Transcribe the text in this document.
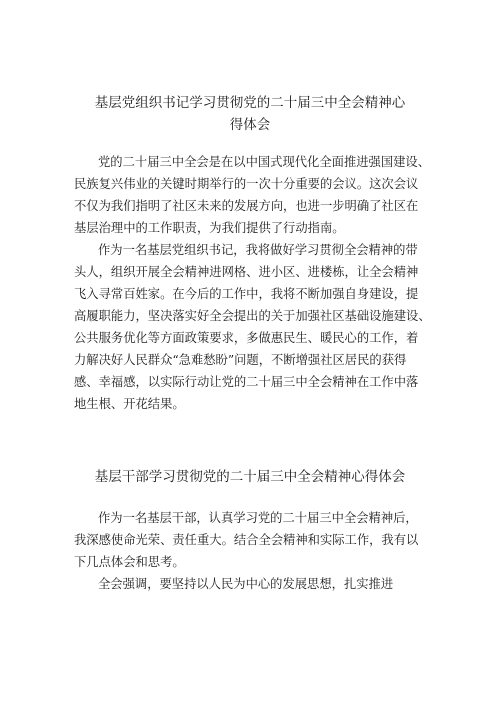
基层党组织书记学习贯彻党的二十届三中全会精神心
得体会
党的二十届三中全会是在以中国式现代化全面推进强国建设、
民族复兴伟业的关键时期举行的一次十分重要的会议。这次会议
不仅为我们指明了社区未来的发展方向，也进一步明确了社区在
基层治理中的工作职责，为我们提供了行动指南。
作为一名基层党组织书记，我将做好学习贯彻全会精神的带
头人，组织开展全会精神进网格、进小区、进楼栋，让全会精神
飞入寻常百姓家。在今后的工作中，我将不断加强自身建设，提
高履职能力，坚决落实好全会提出的关于加强社区基础设施建设、
公共服务优化等方面政策要求，多做惠民生、暖民心的工作，着
力解决好人民群众“急难愁盼”问题，不断增强社区居民的获得
感、幸福感，以实际行动让党的二十届三中全会精神在工作中落
地生根、开花结果。
基层干部学习贯彻党的二十届三中全会精神心得体会
作为一名基层干部，认真学习党的二十届三中全会精神后，
我深感使命光荣、责任重大。结合全会精神和实际工作，我有以
下几点体会和思考。
全会强调，要坚持以人民为中心的发展思想，扎实推进
